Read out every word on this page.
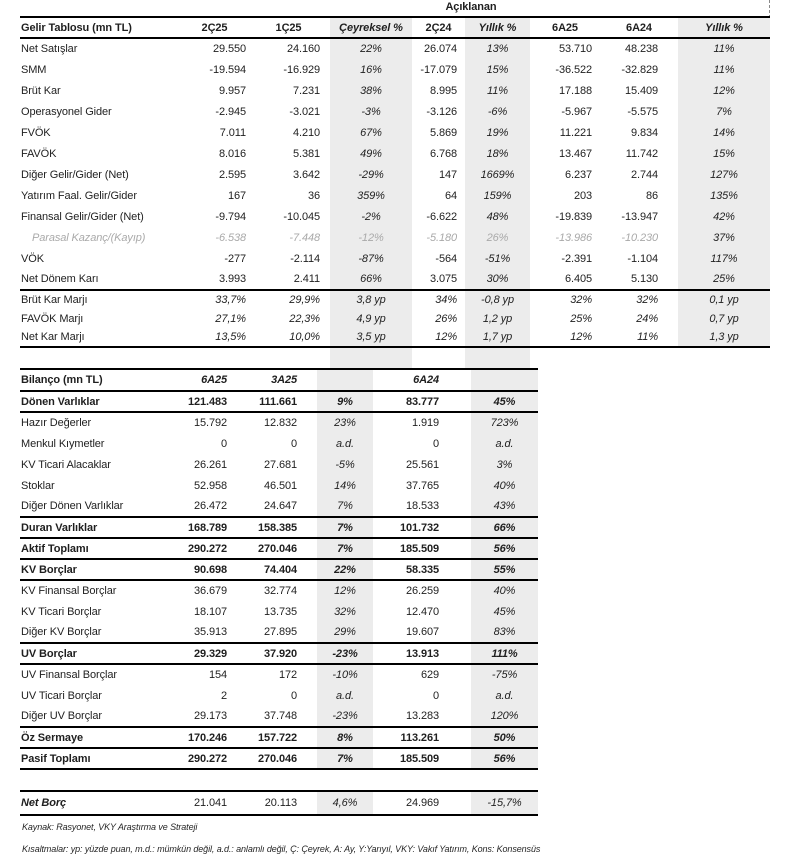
Açıklanan
Gelir Tablosu (mn TL)	2Ç25	1Ç25	Çeyreksel %	2Ç24	Yıllık %	6A25	6A24	Yıllık %
Net Satışlar	29.550	24.160	22%	26.074	13%	53.710	48.238	11%
SMM	-19.594	-16.929	16%	-17.079	15%	-36.522	-32.829	11%
Brüt Kar	9.957	7.231	38%	8.995	11%	17.188	15.409	12%
Operasyonel Gider	-2.945	-3.021	-3%	-3.126	-6%	-5.967	-5.575	7%
FVÖK	7.011	4.210	67%	5.869	19%	11.221	9.834	14%
FAVÖK	8.016	5.381	49%	6.768	18%	13.467	11.742	15%
Diğer Gelir/Gider (Net)	2.595	3.642	-29%	147	1669%	6.237	2.744	127%
Yatırım Faal. Gelir/Gider	167	36	359%	64	159%	203	86	135%
Finansal Gelir/Gider (Net)	-9.794	-10.045	-2%	-6.622	48%	-19.839	-13.947	42%
Parasal Kazanç/(Kayıp)	-6.538	-7.448	-12%	-5.180	26%	-13.986	-10.230	37%
VÖK	-277	-2.114	-87%	-564	-51%	-2.391	-1.104	117%
Net Dönem Karı	3.993	2.411	66%	3.075	30%	6.405	5.130	25%
Brüt Kar Marjı	33,7%	29,9%	3,8 yp	34%	-0,8 yp	32%	32%	0,1 yp
FAVÖK Marjı	27,1%	22,3%	4,9 yp	26%	1,2 yp	25%	24%	0,7 yp
Net Kar Marjı	13,5%	10,0%	3,5 yp	12%	1,7 yp	12%	11%	1,3 yp
Bilanço (mn TL)	6A25	3A25		6A24	
Dönen Varlıklar	121.483	111.661	9%	83.777	45%
Hazır Değerler	15.792	12.832	23%	1.919	723%
Menkul Kıymetler	0	0	a.d.	0	a.d.
KV Ticari Alacaklar	26.261	27.681	-5%	25.561	3%
Stoklar	52.958	46.501	14%	37.765	40%
Diğer Dönen Varlıklar	26.472	24.647	7%	18.533	43%
Duran Varlıklar	168.789	158.385	7%	101.732	66%
Aktif Toplamı	290.272	270.046	7%	185.509	56%
KV Borçlar	90.698	74.404	22%	58.335	55%
KV Finansal Borçlar	36.679	32.774	12%	26.259	40%
KV Ticari Borçlar	18.107	13.735	32%	12.470	45%
Diğer KV Borçlar	35.913	27.895	29%	19.607	83%
UV Borçlar	29.329	37.920	-23%	13.913	111%
UV Finansal Borçlar	154	172	-10%	629	-75%
UV Ticari Borçlar	2	0	a.d.	0	a.d.
Diğer UV Borçlar	29.173	37.748	-23%	13.283	120%
Öz Sermaye	170.246	157.722	8%	113.261	50%
Pasif Toplamı	290.272	270.046	7%	185.509	56%
Net Borç	21.041	20.113	4,6%	24.969	-15,7%
Kaynak: Rasyonet, VKY Araştırma ve Strateji
Kısaltmalar: yp: yüzde puan, m.d.: mümkün değil, a.d.: anlamlı değil, Ç: Çeyrek, A: Ay, Y:Yarıyıl, VKY: Vakıf Yatırım, Kons: Konsensüs
